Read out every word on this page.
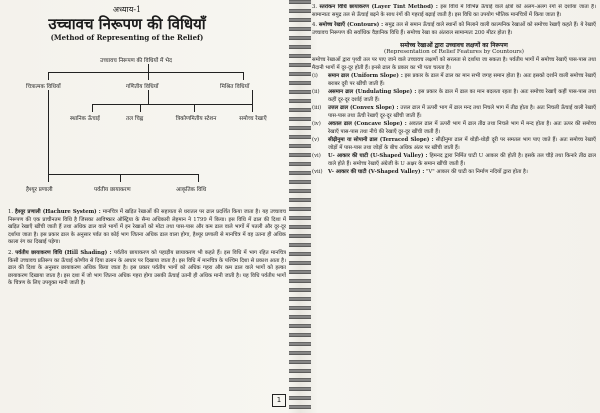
अध्याय-1
उच्चावच निरूपण की विधियाँ
(Method of Representing of the Relief)
उच्चावच निरूपण की विधियों में भेद
चित्रात्मक विधियाँ	गणितीय विधियाँ	मिश्रित विधियाँ
स्थानिक ऊँचाई	तल चिह्न	त्रिकोणमितीय स्टेशन	समोच्च रेखाएँ
हैश्यूर प्रणाली	पर्वतीय छायाकरण	आकृतिक विधि
1. हैश्यूर प्रणाली (Hachure System) : मानचित्र में खड़ित रेखाओं की सहायता से धरातल पर ढाल प्रदर्शित किया जाता है। यह उच्चावच निरूपण की एक प्राचीनतम विधि है जिसका आविष्कार ऑस्ट्रिया के सैन्य अधिकारी लेहमान ने 1799 में किया। इस विधि में ढाल की दिशा में खड़ित रेखाएँ खींची जाती हैं तथा अधिक ढाल वाले भागों में इन रेखाओं को मोटा तथा पास-पास और कम ढाल वाले भागों में पतली और दूर-दूर दर्शाया जाता है। इस प्रकार ढाल के अनुसार पर्वत का कोई भाग जितना अधिक ढाल वाला होगा, हैश्यूर प्रणाली से मानचित्र में वह उतना ही अधिक काला रंग का दिखाई पड़ेगा।
2. पर्वतीय छायाकरण विधि (Hill Shading) : पर्वतीय छायाकरण को पहाड़ीय छायाकरण भी कहते हैं। इस विधि में भाग रहित मानचित्र किसी उच्चावच प्रतिरूप का ऊँचाई कोणीय से दिया ढलान के आधार पर दिखाया जाता है। इस विधि में मानचित्र के पश्चिम दिशा से प्रकाश आता है। ढाल की दिशा के अनुसार छायाकरण अधिक किया जाता है। इस प्रकार पर्वतीय भागों को अधिक गहरा और कम ढाल वाले भागों को हल्का छायाकरण दिखाया जाता है। इस दशा में जो भाग जितना अधिक गहरा होगा उसकी ऊँचाई उतनी ही अधिक मानी जाती है। यह विधि पर्वतीय भागों के चित्रण के लिए उपयुक्त मानी जाती है।
1
3. स्तरांकन विधि छायाकरण (Layer Tint Method) : इस विधि में विभिन्न ऊँचाई वाले क्षेत्रों को अलग-अलग रंगों से दर्शाया जाता है। सामान्यतः समुद्र तल से ऊँचाई बढ़ने के साथ रंगों की गहराई बढ़ाई जाती है। इस विधि का उपयोग भौतिक मानचित्रों में किया जाता है।
4. समोच्च रेखाएँ (Contours) : समुद्र तल से समान ऊँचाई वाले स्थानों को मिलाने वाली काल्पनिक रेखाओं को समोच्च रेखाएँ कहते हैं। ये रेखाएँ उच्चावच निरूपण की सर्वाधिक वैज्ञानिक विधि हैं। समोच्च रेखा का अंतराल सामान्यतः 200 मीटर होता है।
समोच्च रेखाओं द्वारा उच्चावच लक्षणों का निरूपण
(Representation of Relief Features by Countours)
समोच्च रेखाओं द्वारा पृथ्वी तल पर पाए जाने वाले उच्चावच लक्षणों को सरलता से दर्शाया जा सकता है। पर्वतीय भागों में समोच्च रेखाएँ पास-पास तथा मैदानी भागों में दूर-दूर होती हैं। इनसे ढाल के प्रकार का भी पता चलता है।
(i)	समान ढाल (Uniform Slope) : इस प्रकार के ढाल में ढाल का मान सभी जगह समान होता है। अतः इसको दर्शाने वाली समोच्च रेखाएँ बराबर दूरी पर खींची जाती हैं।
(ii)	असमान ढाल (Undulating Slope) : इस प्रकार के ढाल में ढाल का मान बदलता रहता है। अतः समोच्च रेखाएँ कहीं पास-पास तथा कहीं दूर-दूर दर्शाई जाती हैं।
(iii)	उत्तल ढाल (Convex Slope) : उत्तल ढाल में ऊपरी भाग में ढाल मन्द तथा निचले भाग में तीव्र होता है। अतः निचली ऊँचाई वाली रेखाएँ पास-पास तथा ऊँची रेखाएँ दूर-दूर खींची जाती हैं।
(iv)	अवतल ढाल (Concave Slope) : अवतल ढाल में ऊपरी भाग में ढाल तीव्र तथा निचले भाग में मन्द होता है। अतः ऊपर की समोच्च रेखाएँ पास-पास तथा नीचे की रेखाएँ दूर-दूर खींची जाती हैं।
(v)	सीढ़ीनुमा या सोपानी ढाल (Terraced Slope) : सीढ़ीनुमा ढाल में थोड़ी-थोड़ी दूरी पर समतल भाग पाए जाते हैं। अतः समोच्च रेखाएँ जोड़ों में पास-पास तथा जोड़ों के बीच अधिक अंतर पर खींची जाती हैं।
(vi)	U- आकार की घाटी (U-Shaped Valley) : हिमनद द्वारा निर्मित घाटी U आकार की होती है। इसके तल चौड़े तथा किनारे तीव्र ढाल वाले होते हैं। समोच्च रेखाएँ अंग्रेजी के U अक्षर के समान खींची जाती हैं।
(vii)	V- आकार की घाटी (V-Shaped Valley) : "V" आकार की घाटी का निर्माण नदियों द्वारा होता है।
